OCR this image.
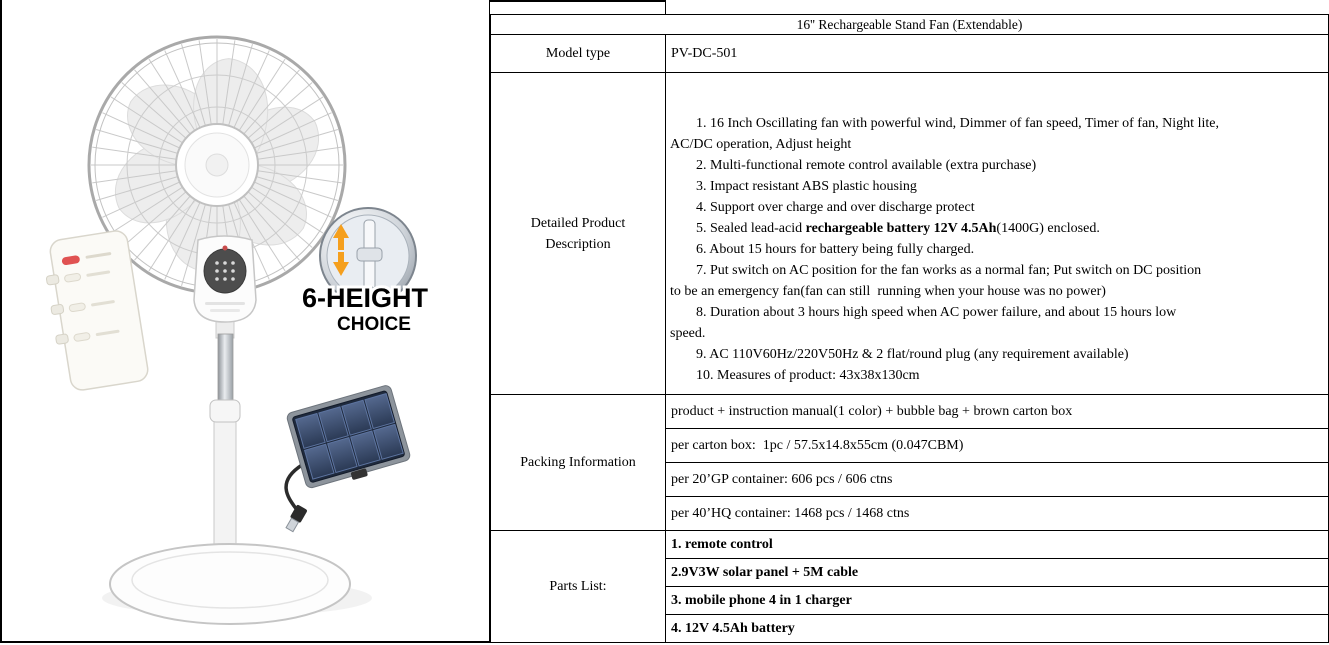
6-HEIGHT
CHOICE
16'' Rechargeable Stand Fan (Extendable)
Model type	PV-DC-501
Detailed Product Description
1. 16 Inch Oscillating fan with powerful wind, Dimmer of fan speed, Timer of fan, Night lite,
AC/DC operation, Adjust height
2. Multi-functional remote control available (extra purchase)
3. Impact resistant ABS plastic housing
4. Support over charge and over discharge protect
5. Sealed lead-acid rechargeable battery 12V 4.5Ah(1400G) enclosed.
6. About 15 hours for battery being fully charged.
7. Put switch on AC position for the fan works as a normal fan; Put switch on DC position
to be an emergency fan(fan can still  running when your house was no power)
8. Duration about 3 hours high speed when AC power failure, and about 15 hours low
speed.
9. AC 110V60Hz/220V50Hz & 2 flat/round plug (any requirement available)
10. Measures of product: 43x38x130cm
Packing Information
product + instruction manual(1 color) + bubble bag + brown carton box
per carton box:  1pc / 57.5x14.8x55cm (0.047CBM)
per 20’GP container: 606 pcs / 606 ctns
per 40’HQ container: 1468 pcs / 1468 ctns
Parts List:
1. remote control
2.9V3W solar panel + 5M cable
3. mobile phone 4 in 1 charger
4. 12V 4.5Ah battery
